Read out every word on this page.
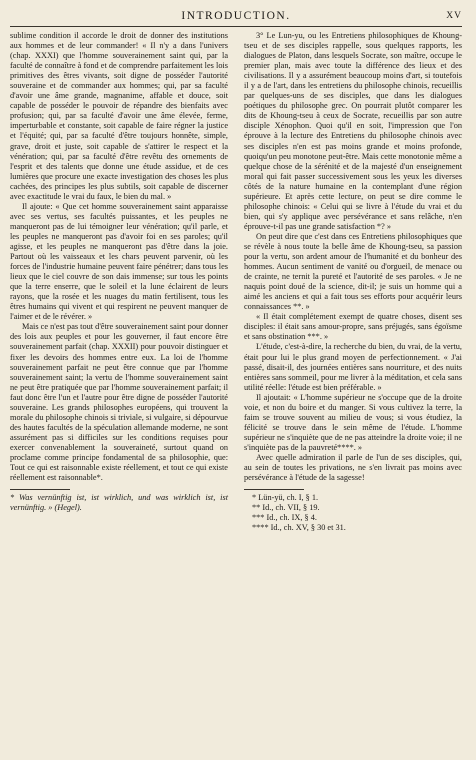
INTRODUCTION.	XV

sublime condition il accorde le droit de donner des institutions aux hommes et de leur commander! « Il n'y a dans l'univers (chap. XXXI) que l'homme souverainement saint qui, par la faculté de connaître à fond et de comprendre parfaitement les lois primitives des êtres vivants, soit digne de posséder l'autorité souveraine et de commander aux hommes; qui, par sa faculté d'avoir une âme grande, magnanime, affable et douce, soit capable de posséder le pouvoir de répandre des bienfaits avec profusion; qui, par sa faculté d'avoir une âme élevée, ferme, imperturbable et constante, soit capable de faire régner la justice et l'équité; qui, par sa faculté d'être toujours honnête, simple, grave, droit et juste, soit capable de s'attirer le respect et la vénération; qui, par sa faculté d'être revêtu des ornements de l'esprit et des talents que donne une étude assidue, et de ces lumières que procure une exacte investigation des choses les plus cachées, des principes les plus subtils, soit capable de discerner avec exactitude le vrai du faux, le bien du mal. »

Il ajoute: « Que cet homme souverainement saint apparaisse avec ses vertus, ses facultés puissantes, et les peuples ne manqueront pas de lui témoigner leur vénération; qu'il parle, et les peuples ne manqueront pas d'avoir foi en ses paroles; qu'il agisse, et les peuples ne manqueront pas d'être dans la joie. Partout où les vaisseaux et les chars peuvent parvenir, où les forces de l'industrie humaine peuvent faire pénétrer; dans tous les lieux que le ciel couvre de son dais immense; sur tous les points que la terre enserre, que le soleil et la lune éclairent de leurs rayons, que la rosée et les nuages du matin fertilisent, tous les êtres humains qui vivent et qui respirent ne peuvent manquer de l'aimer et de le révérer. »

Mais ce n'est pas tout d'être souverainement saint pour donner des lois aux peuples et pour les gouverner, il faut encore être souverainement parfait (chap. XXXII) pour pouvoir distinguer et fixer les devoirs des hommes entre eux. La loi de l'homme souverainement parfait ne peut être connue que par l'homme souverainement saint; la vertu de l'homme souverainement saint ne peut être pratiquée que par l'homme souverainement parfait; il faut donc être l'un et l'autre pour être digne de posséder l'autorité souveraine. Les grands philosophes européens, qui trouvent la morale du philosophe chinois si triviale, si vulgaire, si dépourvue des hautes facultés de la spéculation allemande moderne, ne sont assurément pas si difficiles sur les conditions requises pour exercer convenablement la souveraineté, surtout quand on proclame comme principe fondamental de sa philosophie, que: Tout ce qui est raisonnable existe réellement, et tout ce qui existe réellement est raisonnable*.

* Was vernünftig ist, ist wirklich, und was wirklich ist, ist vernünftig. » (Hegel).

3° Le Lun-yu, ou les Entretiens philosophiques de Khoung-tseu et de ses disciples rappelle, sous quelques rapports, les dialogues de Platon, dans lesquels Socrate, son maître, occupe le premier plan, mais avec toute la différence des lieux et des civilisations. Il y a assurément beaucoup moins d'art, si toutefois il y a de l'art, dans les entretiens du philosophe chinois, recueillis par quelques-uns de ses disciples, que dans les dialogues poétiques du philosophe grec. On pourrait plutôt comparer les dits de Khoung-tseu à ceux de Socrate, recueillis par son autre disciple Xénophon. Quoi qu'il en soit, l'impression que l'on éprouve à la lecture des Entretiens du philosophe chinois avec ses disciples n'en est pas moins grande et moins profonde, quoiqu'un peu monotone peut-être. Mais cette monotonie même a quelque chose de la sérénité et de la majesté d'un enseignement moral qui fait passer successivement sous les yeux les diverses côtés de la nature humaine en la contemplant d'une région supérieure. Et après cette lecture, on peut se dire comme le philosophe chinois: « Celui qui se livre à l'étude du vrai et du bien, qui s'y applique avec persévérance et sans relâche, n'en éprouve-t-il pas une grande satisfaction *? »

On peut dire que c'est dans ces Entretiens philosophiques que se révèle à nous toute la belle âme de Khoung-tseu, sa passion pour la vertu, son ardent amour de l'humanité et du bonheur des hommes. Aucun sentiment de vanité ou d'orgueil, de menace ou de crainte, ne ternit la pureté et l'autorité de ses paroles. « Je ne naquis point doué de la science, dit-il; je suis un homme qui a aimé les anciens et qui a fait tous ses efforts pour acquérir leurs connaissances **. »

« Il était complétement exempt de quatre choses, disent ses disciples: il était sans amour-propre, sans préjugés, sans égoïsme et sans obstination ***. »

L'étude, c'est-à-dire, la recherche du bien, du vrai, de la vertu, était pour lui le plus grand moyen de perfectionnement. « J'ai passé, disait-il, des journées entières sans nourriture, et des nuits entières sans sommeil, pour me livrer à la méditation, et cela sans utilité réelle: l'étude est bien préférable. »

Il ajoutait: « L'homme supérieur ne s'occupe que de la droite voie, et non du boire et du manger. Si vous cultivez la terre, la faim se trouve souvent au milieu de vous; si vous étudiez, la félicité se trouve dans le sein même de l'étude. L'homme supérieur ne s'inquiète que de ne pas atteindre la droite voie; il ne s'inquiète pas de la pauvreté****. »

Avec quelle admiration il parle de l'un de ses disciples, qui, au sein de toutes les privations, ne s'en livrait pas moins avec persévérance à l'étude de la sagesse!

* Lün-yü, ch. I, § 1.

** Id., ch. VII, § 19.

*** Id., ch. IX, § 4.

**** Id., ch. XV, § 30 et 31.
